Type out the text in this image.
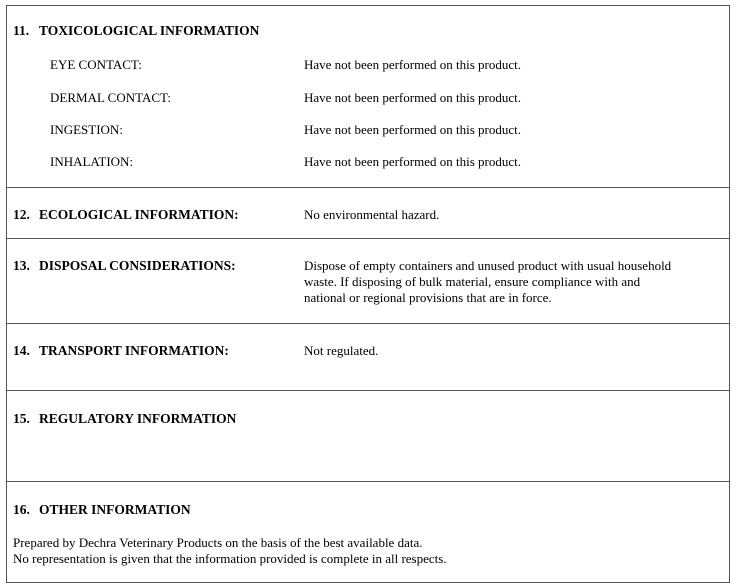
11. TOXICOLOGICAL INFORMATION
EYE CONTACT:	Have not been performed on this product.
DERMAL CONTACT:	Have not been performed on this product.
INGESTION:	Have not been performed on this product.
INHALATION:	Have not been performed on this product.
12. ECOLOGICAL INFORMATION:	No environmental hazard.
13. DISPOSAL CONSIDERATIONS:	Dispose of empty containers and unused product with usual household
waste. If disposing of bulk material, ensure compliance with and
national or regional provisions that are in force.
14. TRANSPORT INFORMATION:	Not regulated.
15. REGULATORY INFORMATION
16. OTHER INFORMATION
Prepared by Dechra Veterinary Products on the basis of the best available data.
No representation is given that the information provided is complete in all respects.
